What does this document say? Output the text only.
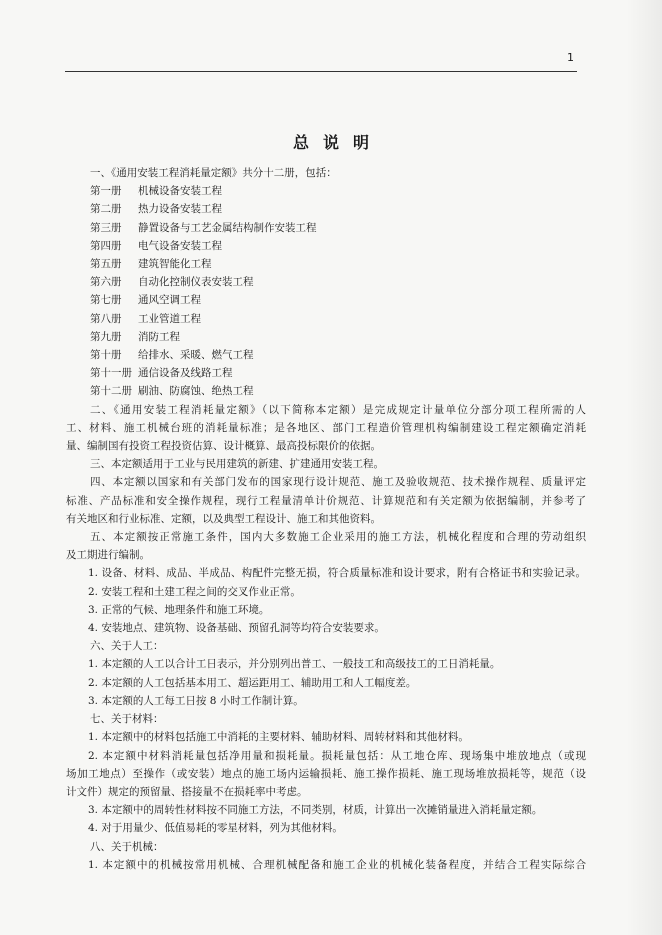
1
总说明
一、《通用安装工程消耗量定额》共分十二册，包括：
第一册 机械设备安装工程
第二册 热力设备安装工程
第三册 静置设备与工艺金属结构制作安装工程
第四册 电气设备安装工程
第五册 建筑智能化工程
第六册 自动化控制仪表安装工程
第七册 通风空调工程
第八册 工业管道工程
第九册 消防工程
第十册 给排水、采暖、燃气工程
第十一册 通信设备及线路工程
第十二册 刷油、防腐蚀、绝热工程
二、《通用安装工程消耗量定额》（以下简称本定额）是完成规定计量单位分部分项工程所需的人
工、材料、施工机械台班的消耗量标准；是各地区、部门工程造价管理机构编制建设工程定额确定消耗
量、编制国有投资工程投资估算、设计概算、最高投标限价的依据。
三、本定额适用于工业与民用建筑的新建、扩建通用安装工程。
四、本定额以国家和有关部门发布的国家现行设计规范、施工及验收规范、技术操作规程、质量评定
标准、产品标准和安全操作规程，现行工程量清单计价规范、计算规范和有关定额为依据编制，并参考了
有关地区和行业标准、定额，以及典型工程设计、施工和其他资料。
五、本定额按正常施工条件，国内大多数施工企业采用的施工方法，机械化程度和合理的劳动组织
及工期进行编制。
1. 设备、材料、成品、半成品、构配件完整无损，符合质量标准和设计要求，附有合格证书和实验记录。
2. 安装工程和土建工程之间的交叉作业正常。
3. 正常的气候、地理条件和施工环境。
4. 安装地点、建筑物、设备基础、预留孔洞等均符合安装要求。
六、关于人工：
1. 本定额的人工以合计工日表示，并分别列出普工、一般技工和高级技工的工日消耗量。
2. 本定额的人工包括基本用工、超运距用工、辅助用工和人工幅度差。
3. 本定额的人工每工日按 8 小时工作制计算。
七、关于材料：
1. 本定额中的材料包括施工中消耗的主要材料、辅助材料、周转材料和其他材料。
2. 本定额中材料消耗量包括净用量和损耗量。损耗量包括：从工地仓库、现场集中堆放地点（或现
场加工地点）至操作（或安装）地点的施工场内运输损耗、施工操作损耗、施工现场堆放损耗等，规范（设
计文件）规定的预留量、搭接量不在损耗率中考虑。
3. 本定额中的周转性材料按不同施工方法，不同类别，材质，计算出一次摊销量进入消耗量定额。
4. 对于用量少、低值易耗的零星材料，列为其他材料。
八、关于机械：
1. 本定额中的机械按常用机械、合理机械配备和施工企业的机械化装备程度，并结合工程实际综合
